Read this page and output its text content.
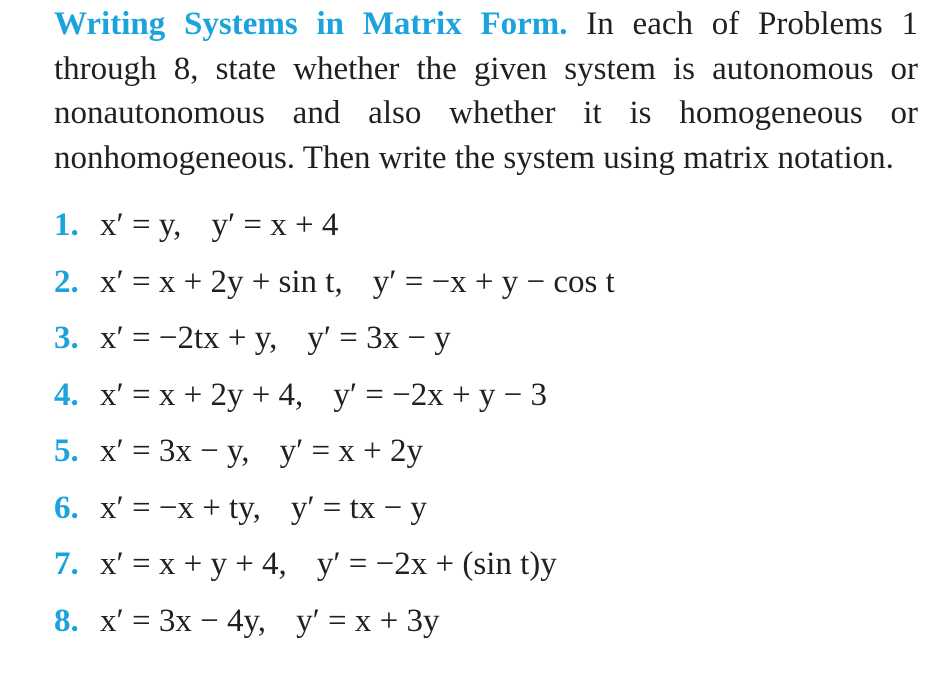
Writing Systems in Matrix Form. In each of Problems 1 through 8, state whether the given system is autonomous or nonautonomous and also whether it is homogeneous or nonhomogeneous. Then write the system using matrix notation.

1. x′ = y, y′ = x + 4
2. x′ = x + 2y + sin t, y′ = −x + y − cos t
3. x′ = −2tx + y, y′ = 3x − y
4. x′ = x + 2y + 4, y′ = −2x + y − 3
5. x′ = 3x − y, y′ = x + 2y
6. x′ = −x + ty, y′ = tx − y
7. x′ = x + y + 4, y′ = −2x + (sin t)y
8. x′ = 3x − 4y, y′ = x + 3y
